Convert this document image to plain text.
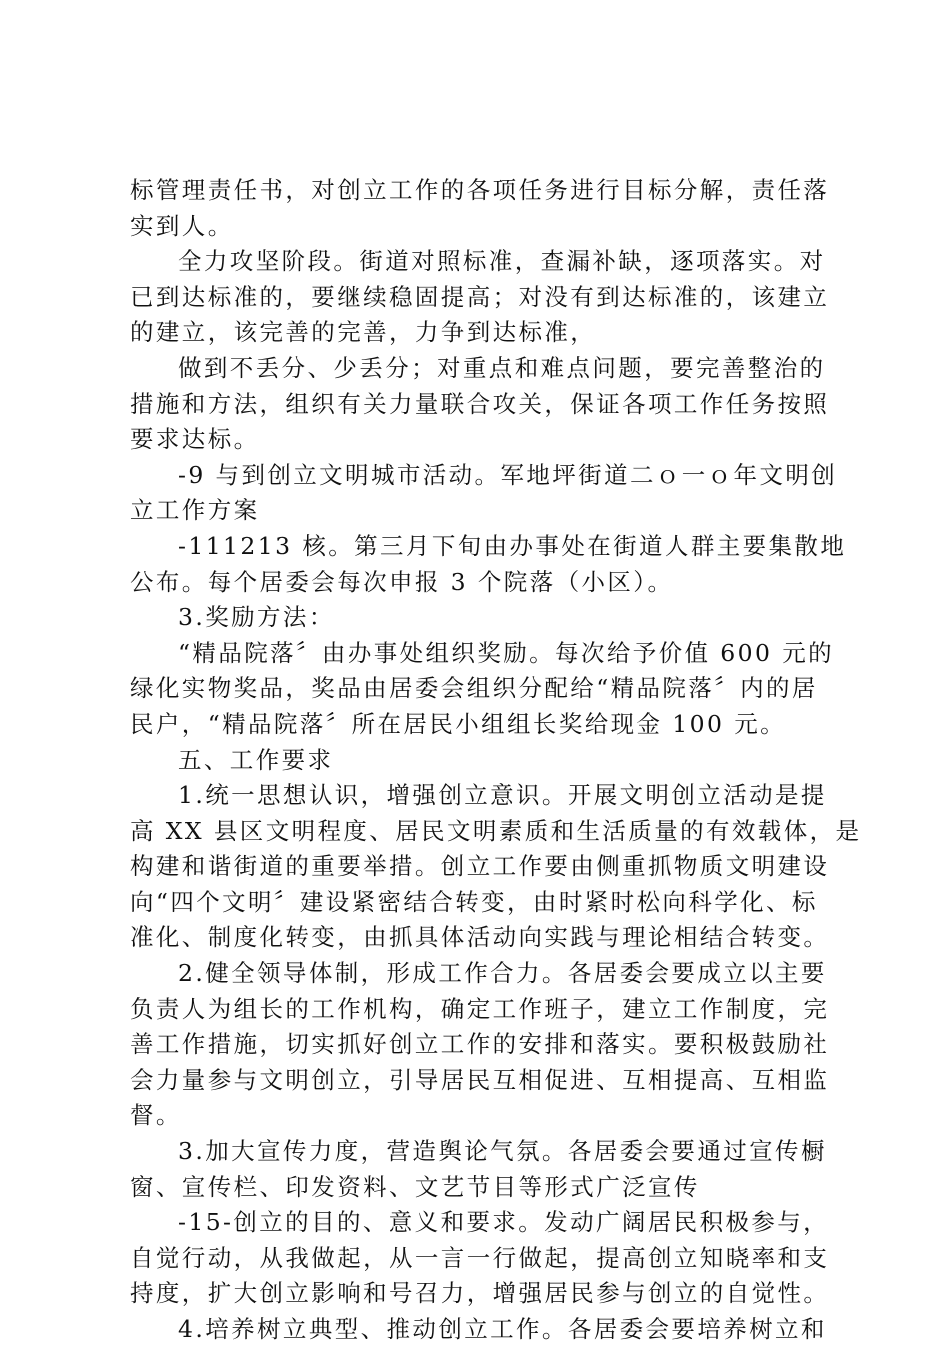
标管理责任书，对创立工作的各项任务进行目标分解，责任落
实到人。
全力攻坚阶段。街道对照标准，查漏补缺，逐项落实。对
已到达标准的，要继续稳固提高；对没有到达标准的，该建立
的建立，该完善的完善，力争到达标准，
做到不丢分、少丢分；对重点和难点问题，要完善整治的
措施和方法，组织有关力量联合攻关，保证各项工作任务按照
要求达标。
-9 与到创立文明城市活动。军地坪街道二ｏ一ｏ年文明创
立工作方案
-111213 核。第三月下旬由办事处在街道人群主要集散地
公布。每个居委会每次申报 3 个院落（小区）。
3.奖励方法：
“精品院落〞由办事处组织奖励。每次给予价值 600 元的
绿化实物奖品，奖品由居委会组织分配给“精品院落〞内的居
民户，“精品院落〞所在居民小组组长奖给现金 100 元。
五、工作要求
1.统一思想认识，增强创立意识。开展文明创立活动是提
高 XX 县区文明程度、居民文明素质和生活质量的有效载体，是
构建和谐街道的重要举措。创立工作要由侧重抓物质文明建设
向“四个文明〞建设紧密结合转变，由时紧时松向科学化、标
准化、制度化转变，由抓具体活动向实践与理论相结合转变。
2.健全领导体制，形成工作合力。各居委会要成立以主要
负责人为组长的工作机构，确定工作班子，建立工作制度，完
善工作措施，切实抓好创立工作的安排和落实。要积极鼓励社
会力量参与文明创立，引导居民互相促进、互相提高、互相监
督。
3.加大宣传力度，营造舆论气氛。各居委会要通过宣传橱
窗、宣传栏、印发资料、文艺节目等形式广泛宣传
-15-创立的目的、意义和要求。发动广阔居民积极参与，
自觉行动，从我做起，从一言一行做起，提高创立知晓率和支
持度，扩大创立影响和号召力，增强居民参与创立的自觉性。
4.培养树立典型、推动创立工作。各居委会要培养树立和
